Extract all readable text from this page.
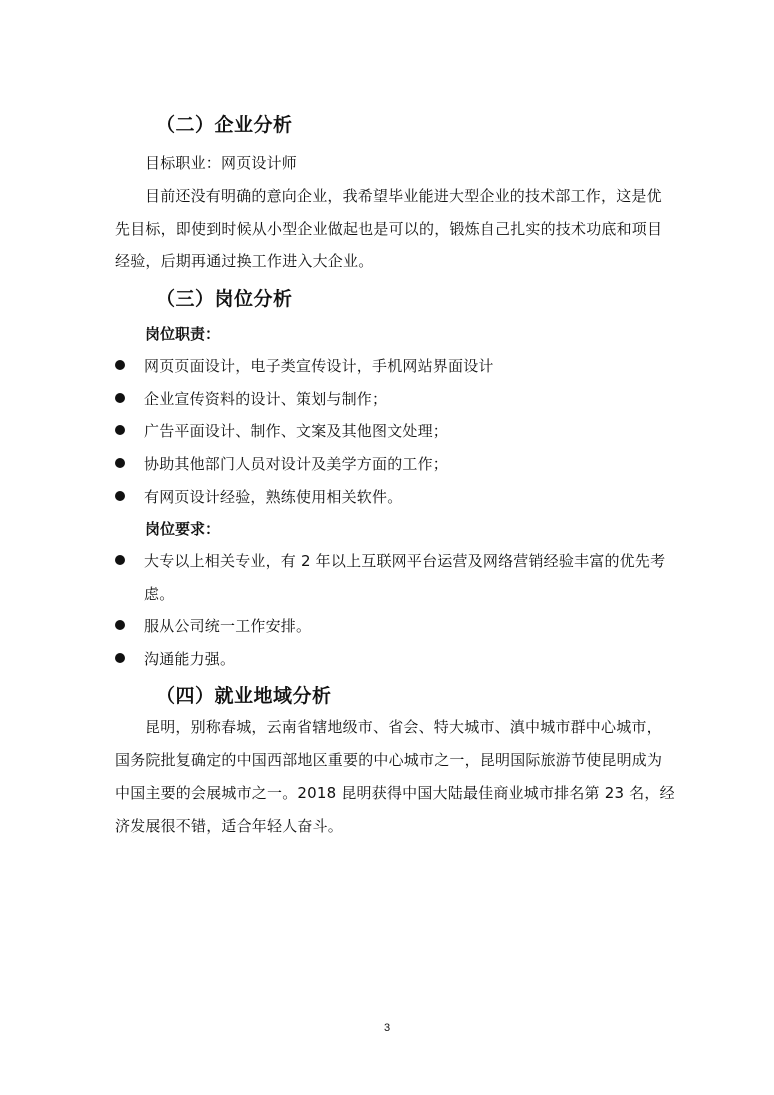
（二）企业分析
目标职业：网页设计师
目前还没有明确的意向企业，我希望毕业能进大型企业的技术部工作，这是优
先目标，即使到时候从小型企业做起也是可以的，锻炼自己扎实的技术功底和项目
经验，后期再通过换工作进入大企业。
（三）岗位分析
岗位职责：
网页页面设计，电子类宣传设计，手机网站界面设计
企业宣传资料的设计、策划与制作；
广告平面设计、制作、文案及其他图文处理；
协助其他部门人员对设计及美学方面的工作；
有网页设计经验，熟练使用相关软件。
岗位要求：
大专以上相关专业，有 2 年以上互联网平台运营及网络营销经验丰富的优先考
虑。
服从公司统一工作安排。
沟通能力强。
（四）就业地域分析
昆明，别称春城，云南省辖地级市、省会、特大城市、滇中城市群中心城市，
国务院批复确定的中国西部地区重要的中心城市之一，昆明国际旅游节使昆明成为
中国主要的会展城市之一。2018 昆明获得中国大陆最佳商业城市排名第 23 名，经
济发展很不错，适合年轻人奋斗。
3
